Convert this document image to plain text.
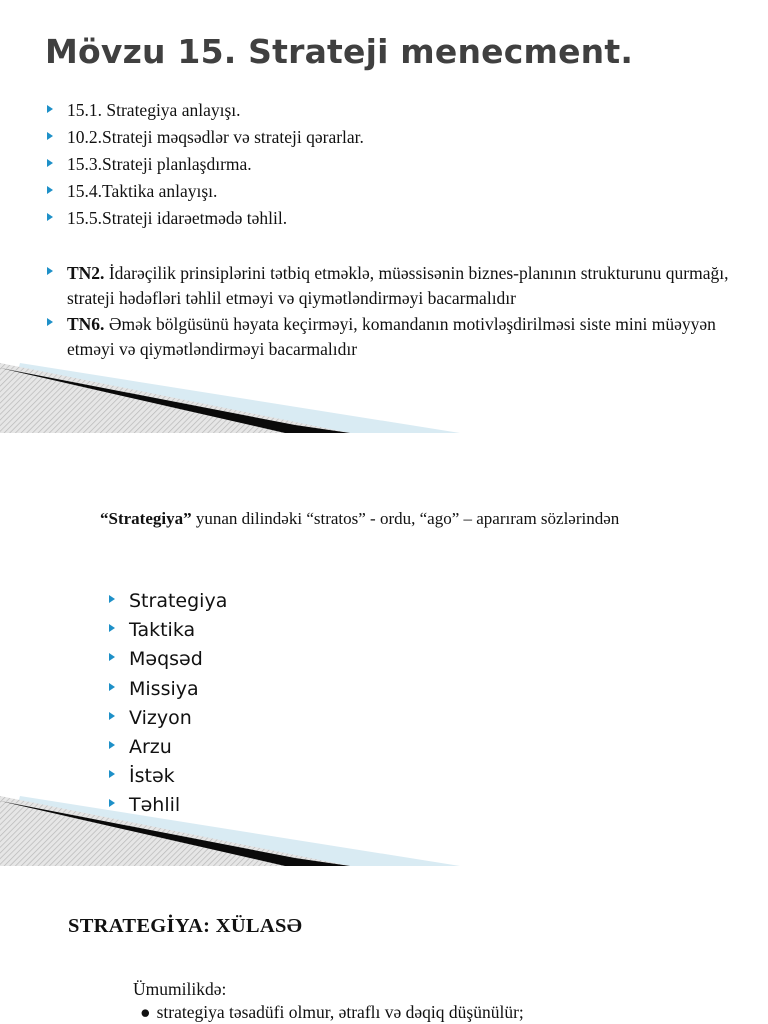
Mövzu 15. Strateji menecment.
15.1. Strategiya anlayışı.
10.2.Strateji məqsədlər və strateji qərarlar.
15.3.Strateji planlaşdırma.
15.4.Taktika anlayışı.
15.5.Strateji idarəetmədə təhlil.
TN2. İdarəçilik prinsiplərini tətbiq etməklə, müəssisənin biznes-planının strukturunu qurmağı, strateji hədəfləri təhlil etməyi və qiymətləndirməyi bacarmalıdır
TN6. Əmək bölgüsünü həyata keçirməyi, komandanın motivləşdirilməsi siste mini müəyyən etməyi və qiymətləndirməyi bacarmalıdır

“Strategiya” yunan dilindəki “stratos” - ordu, “ago” – aparıram sözlərindən

Strategiya
Taktika
Məqsəd
Missiya
Vizyon
Arzu
İstək
Təhlil
STRATEGİYA: XÜLASƏ

Ümumilikdə:

● strategiya təsadüfi olmur, ətraflı və dəqiq düşünülür;
